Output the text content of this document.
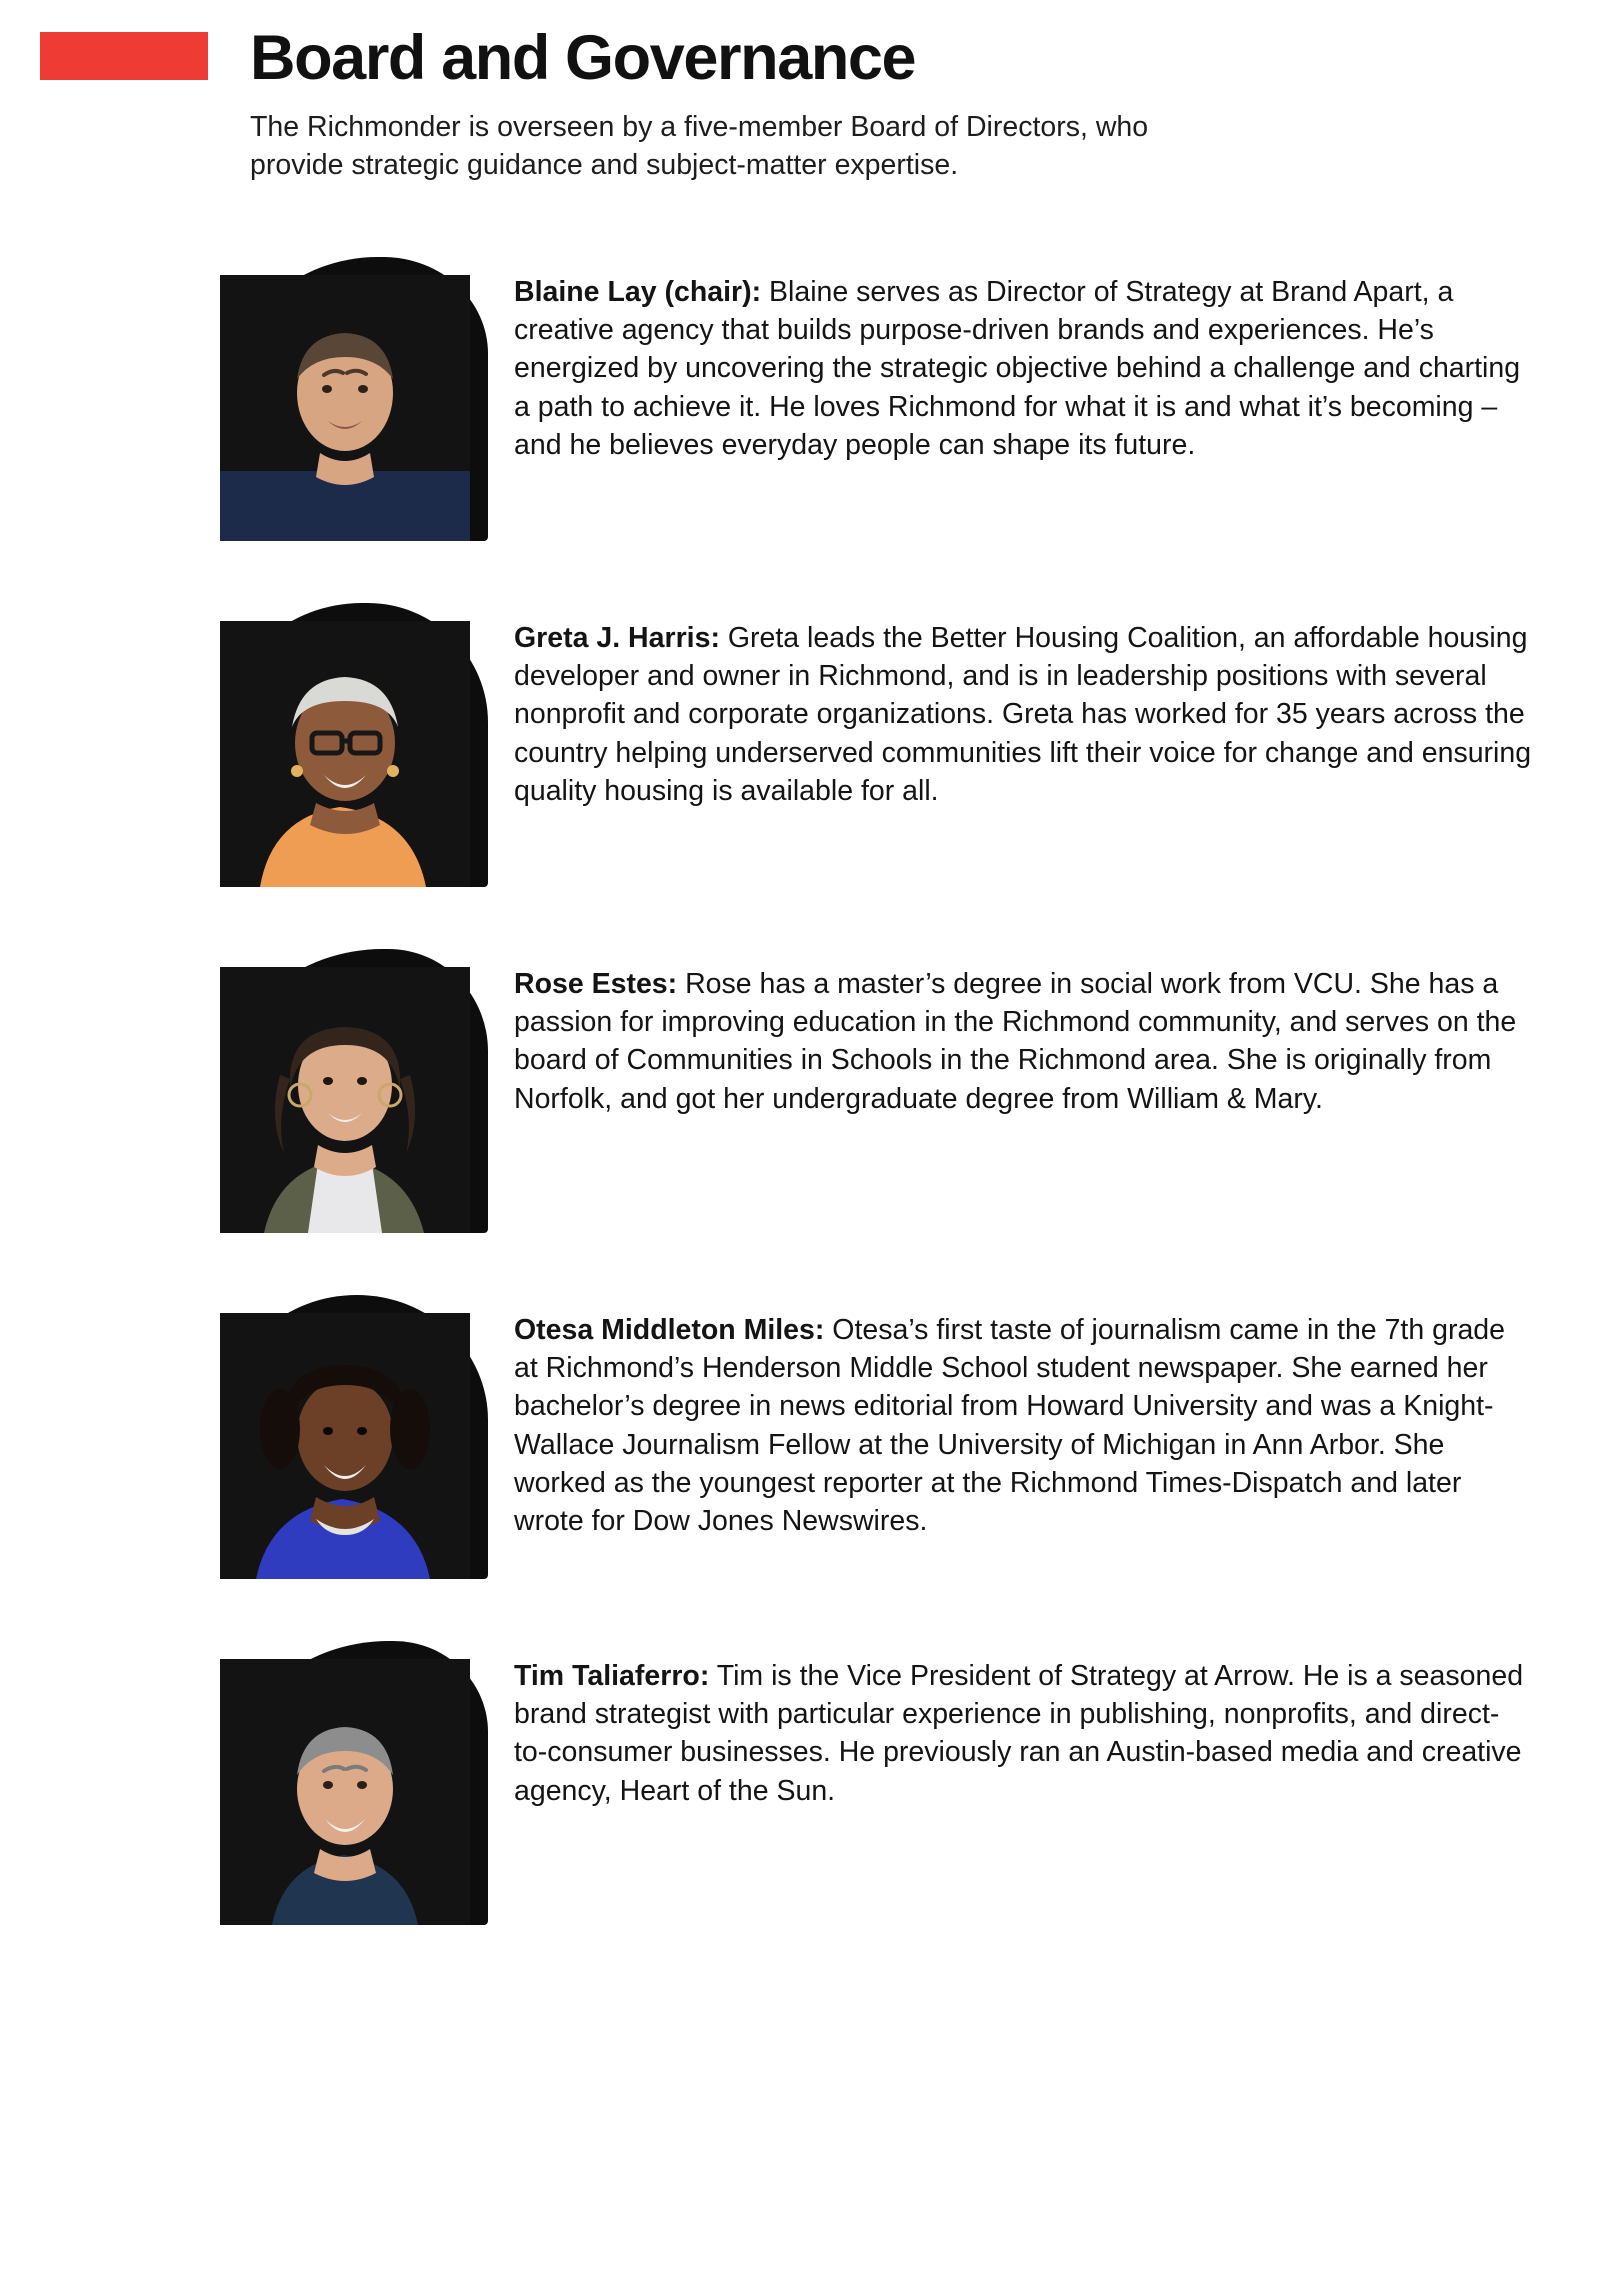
Board and Governance

The Richmonder is overseen by a five-member Board of Directors, who provide strategic guidance and subject-matter expertise.

Blaine Lay (chair): Blaine serves as Director of Strategy at Brand Apart, a creative agency that builds purpose-driven brands and experiences. He’s energized by uncovering the strategic objective behind a challenge and charting a path to achieve it. He loves Richmond for what it is and what it’s becoming – and he believes everyday people can shape its future.
Greta J. Harris: Greta leads the Better Housing Coalition, an affordable housing developer and owner in Richmond, and is in leadership positions with several nonprofit and corporate organizations. Greta has worked for 35 years across the country helping underserved communities lift their voice for change and ensuring quality housing is available for all.
Rose Estes: Rose has a master’s degree in social work from VCU. She has a passion for improving education in the Richmond community, and serves on the board of Communities in Schools in the Richmond area. She is originally from Norfolk, and got her undergraduate degree from William & Mary.
Otesa Middleton Miles: Otesa’s first taste of journalism came in the 7th grade at Richmond’s Henderson Middle School student newspaper. She earned her bachelor’s degree in news editorial from Howard University and was a Knight-Wallace Journalism Fellow at the University of Michigan in Ann Arbor. She worked as the youngest reporter at the Richmond Times-Dispatch and later wrote for Dow Jones Newswires.
Tim Taliaferro: Tim is the Vice President of Strategy at Arrow. He is a seasoned brand strategist with particular experience in publishing, nonprofits, and direct-to-consumer businesses. He previously ran an Austin-based media and creative agency, Heart of the Sun.
